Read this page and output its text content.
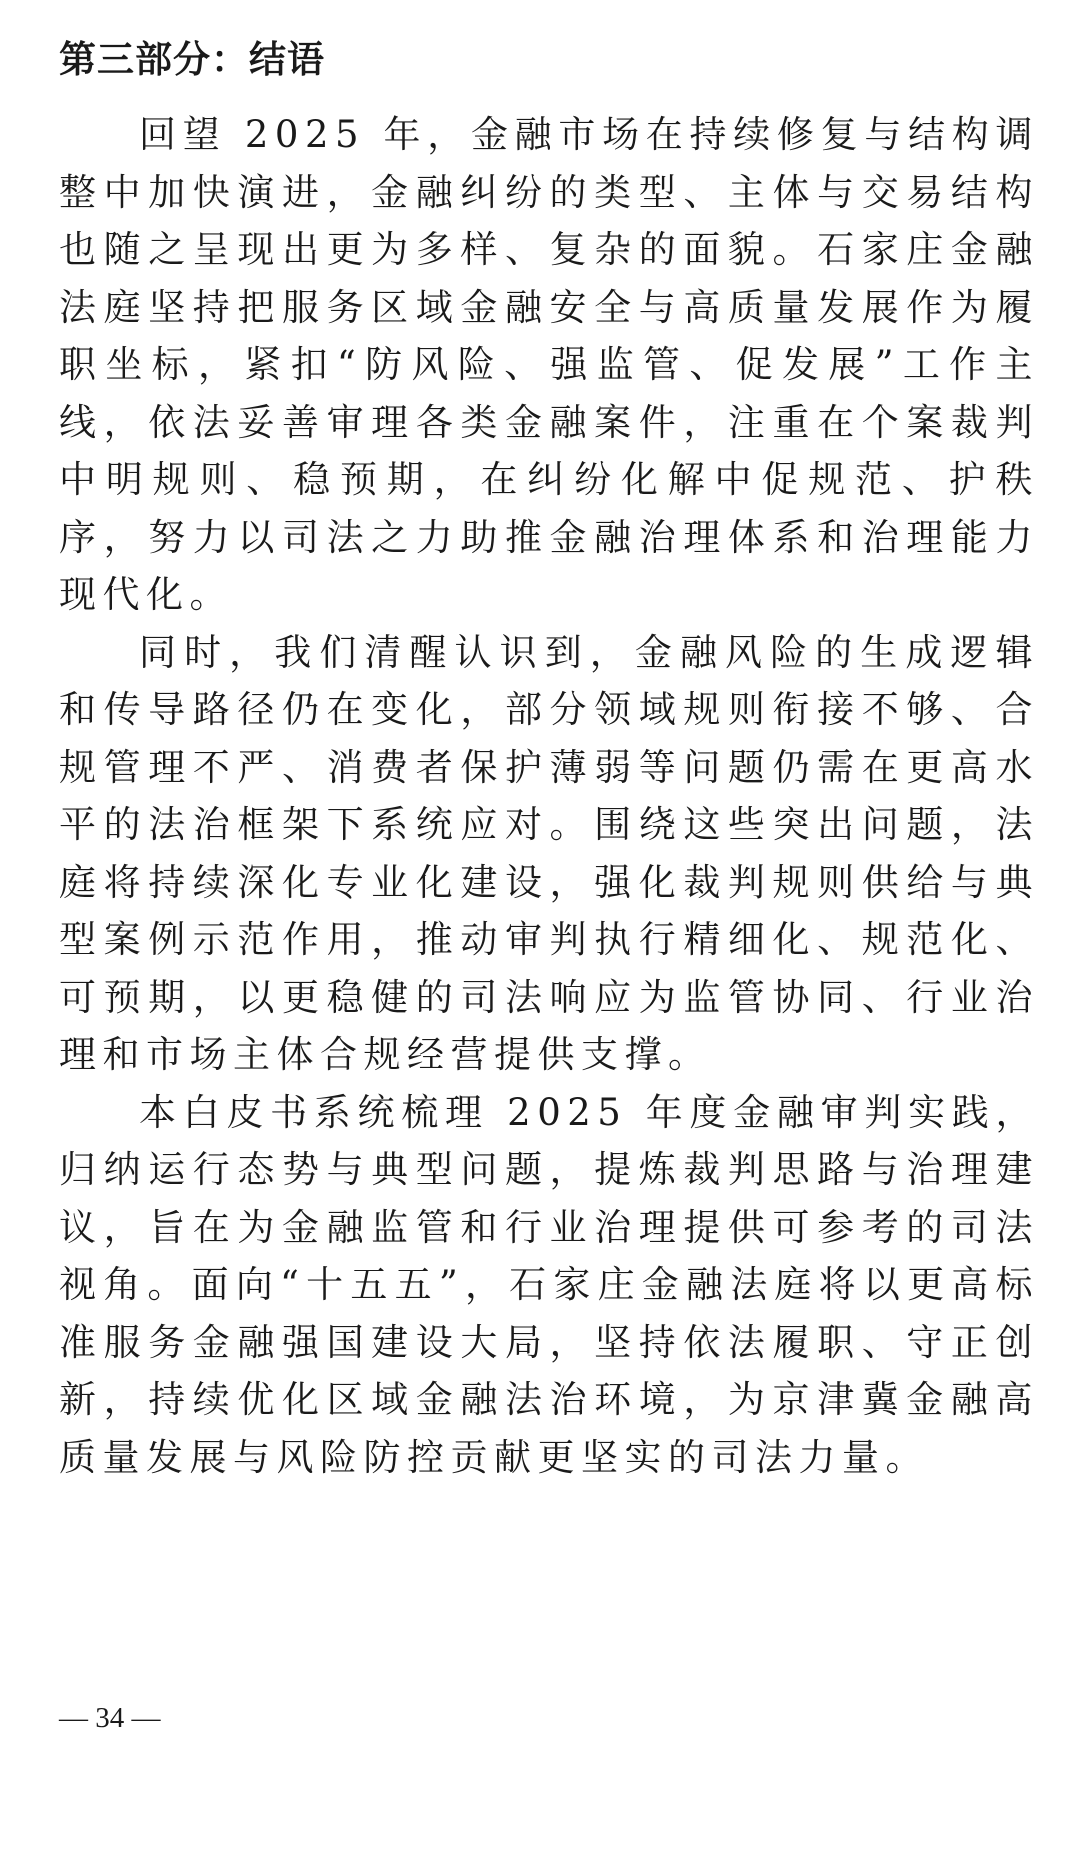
第三部分：结语

回望 2025 年，金融市场在持续修复与结构调整中加快演进，金融纠纷的类型、主体与交易结构也随之呈现出更为多样、复杂的面貌。石家庄金融法庭坚持把服务区域金融安全与高质量发展作为履职坐标，紧扣“防风险、强监管、促发展”工作主线，依法妥善审理各类金融案件，注重在个案裁判中明规则、稳预期，在纠纷化解中促规范、护秩序，努力以司法之力助推金融治理体系和治理能力现代化。

同时，我们清醒认识到，金融风险的生成逻辑和传导路径仍在变化，部分领域规则衔接不够、合规管理不严、消费者保护薄弱等问题仍需在更高水平的法治框架下系统应对。围绕这些突出问题，法庭将持续深化专业化建设，强化裁判规则供给与典型案例示范作用，推动审判执行精细化、规范化、可预期，以更稳健的司法响应为监管协同、行业治理和市场主体合规经营提供支撑。

本白皮书系统梳理 2025 年度金融审判实践，归纳运行态势与典型问题，提炼裁判思路与治理建议，旨在为金融监管和行业治理提供可参考的司法视角。面向“十五五”，石家庄金融法庭将以更高标准服务金融强国建设大局，坚持依法履职、守正创新，持续优化区域金融法治环境，为京津冀金融高质量发展与风险防控贡献更坚实的司法力量。

— 34 —
